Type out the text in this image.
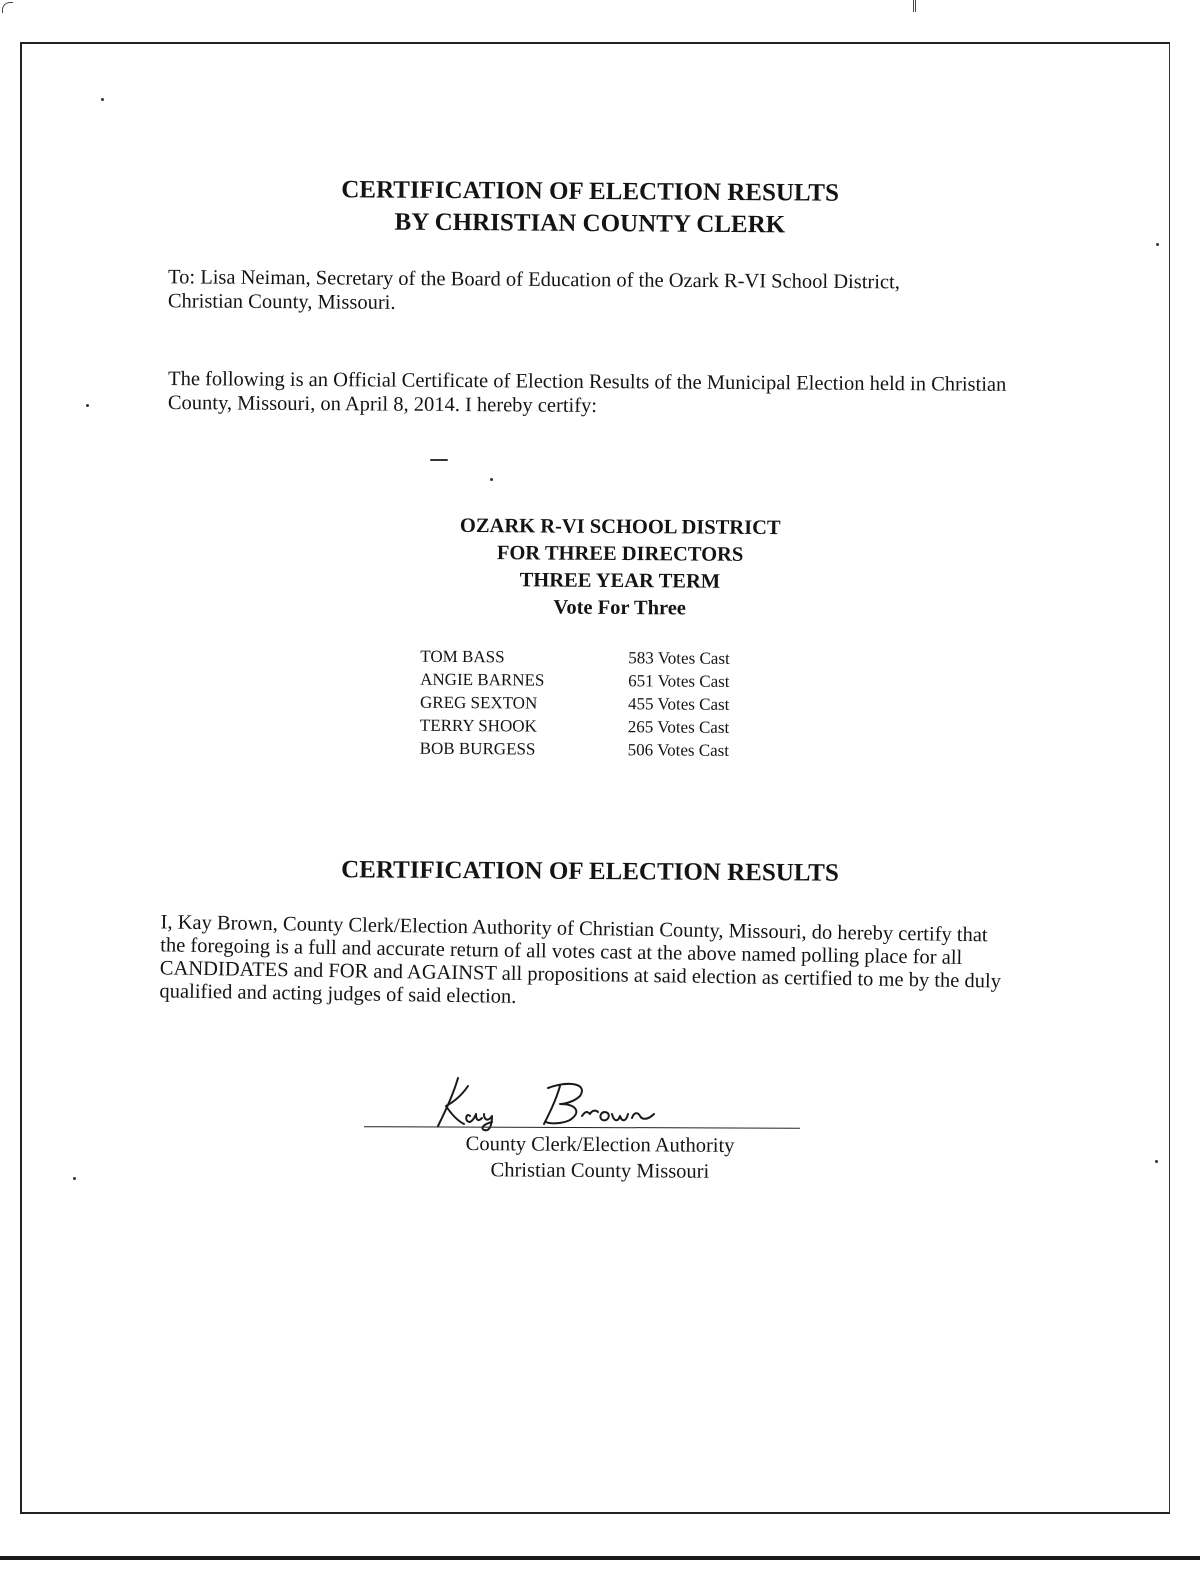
CERTIFICATION OF ELECTION RESULTS
BY CHRISTIAN COUNTY CLERK
To: Lisa Neiman, Secretary of the Board of Education of the Ozark R-VI School District, Christian County, Missouri.
The following is an Official Certificate of Election Results of the Municipal Election held in Christian County, Missouri, on April 8, 2014. I hereby certify:
OZARK R-VI SCHOOL DISTRICT
FOR THREE DIRECTORS
THREE YEAR TERM
Vote For Three
TOM BASS	583 Votes Cast
ANGIE BARNES	651 Votes Cast
GREG SEXTON	455 Votes Cast
TERRY SHOOK	265 Votes Cast
BOB BURGESS	506 Votes Cast
CERTIFICATION OF ELECTION RESULTS
I, Kay Brown, County Clerk/Election Authority of Christian County, Missouri, do hereby certify that the foregoing is a full and accurate return of all votes cast at the above named polling place for all CANDIDATES and FOR and AGAINST all propositions at said election as certified to me by the duly qualified and acting judges of said election.
County Clerk/Election Authority
Christian County Missouri
